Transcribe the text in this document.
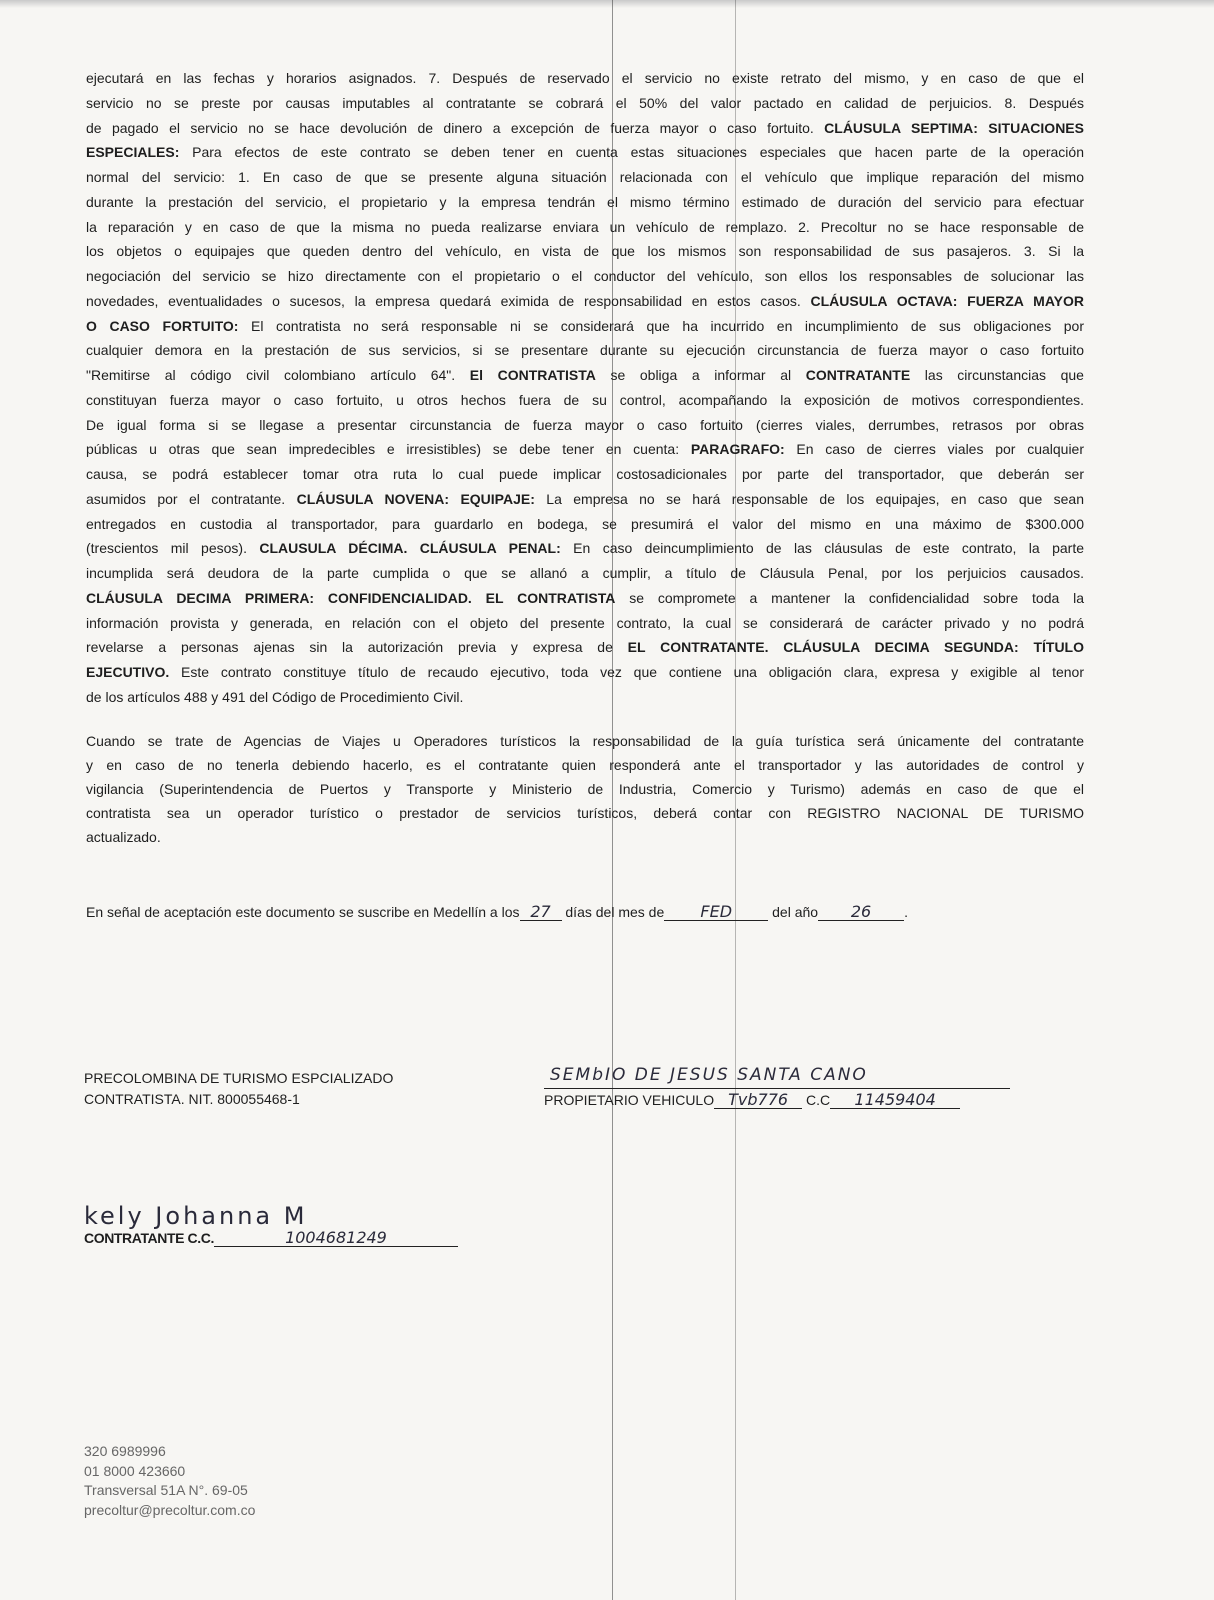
ejecutará en las fechas y horarios asignados. 7. Después de reservado el servicio no existe retrato del mismo, y en caso de que el
servicio no se preste por causas imputables al contratante se cobrará el 50% del valor pactado en calidad de perjuicios. 8. Después
de pagado el servicio no se hace devolución de dinero a excepción de fuerza mayor o caso fortuito. CLÁUSULA SEPTIMA: SITUACIONES
ESPECIALES: Para efectos de este contrato se deben tener en cuenta estas situaciones especiales que hacen parte de la operación
normal del servicio: 1. En caso de que se presente alguna situación relacionada con el vehículo que implique reparación del mismo
durante la prestación del servicio, el propietario y la empresa tendrán el mismo término estimado de duración del servicio para efectuar
la reparación y en caso de que la misma no pueda realizarse enviara un vehículo de remplazo. 2. Precoltur no se hace responsable de
los objetos o equipajes que queden dentro del vehículo, en vista de que los mismos son responsabilidad de sus pasajeros. 3. Si la
negociación del servicio se hizo directamente con el propietario o el conductor del vehículo, son ellos los responsables de solucionar las
novedades, eventualidades o sucesos, la empresa quedará eximida de responsabilidad en estos casos. CLÁUSULA OCTAVA: FUERZA MAYOR
O CASO FORTUITO: El contratista no será responsable ni se considerará que ha incurrido en incumplimiento de sus obligaciones por
cualquier demora en la prestación de sus servicios, si se presentare durante su ejecución circunstancia de fuerza mayor o caso fortuito
"Remitirse al código civil colombiano artículo 64". El CONTRATISTA se obliga a informar al CONTRATANTE las circunstancias que
constituyan fuerza mayor o caso fortuito, u otros hechos fuera de su control, acompañando la exposición de motivos correspondientes.
De igual forma si se llegase a presentar circunstancia de fuerza mayor o caso fortuito (cierres viales, derrumbes, retrasos por obras
públicas u otras que sean impredecibles e irresistibles) se debe tener en cuenta: PARAGRAFO: En caso de cierres viales por cualquier
causa, se podrá establecer tomar otra ruta lo cual puede implicar costosadicionales por parte del transportador, que deberán ser
asumidos por el contratante. CLÁUSULA NOVENA: EQUIPAJE: La empresa no se hará responsable de los equipajes, en caso que sean
entregados en custodia al transportador, para guardarlo en bodega, se presumirá el valor del mismo en una máximo de $300.000
(trescientos mil pesos). CLAUSULA DÉCIMA. CLÁUSULA PENAL: En caso deincumplimiento de las cláusulas de este contrato, la parte
incumplida será deudora de la parte cumplida o que se allanó a cumplir, a título de Cláusula Penal, por los perjuicios causados.
CLÁUSULA DECIMA PRIMERA: CONFIDENCIALIDAD. EL CONTRATISTA se compromete a mantener la confidencialidad sobre toda la
información provista y generada, en relación con el objeto del presente contrato, la cual se considerará de carácter privado y no podrá
revelarse a personas ajenas sin la autorización previa y expresa de EL CONTRATANTE. CLÁUSULA DECIMA SEGUNDA: TÍTULO
EJECUTIVO. Este contrato constituye título de recaudo ejecutivo, toda vez que contiene una obligación clara, expresa y exigible al tenor
de los artículos 488 y 491 del Código de Procedimiento Civil.
Cuando se trate de Agencias de Viajes u Operadores turísticos la responsabilidad de la guía turística será únicamente del contratante
y en caso de no tenerla debiendo hacerlo, es el contratante quien responderá ante el transportador y las autoridades de control y
vigilancia (Superintendencia de Puertos y Transporte y Ministerio de Industria, Comercio y Turismo) además en caso de que el
contratista sea un operador turístico o prestador de servicios turísticos, deberá contar con REGISTRO NACIONAL DE TURISMO
actualizado.
En señal de aceptación este documento se suscribe en Medellín a los 27 días del mes de FED	del año 26 .
PRECOLOMBINA DE TURISMO ESPCIALIZADO
CONTRATISTA. NIT. 800055468-1
SEMbIO DE JESUS SANTA CANO
PROPIETARIO VEHICULO Tvb776 C.C 11459404
kely Johanna M
CONTRATANTE C.C.	1004681249
320 6989996
01 8000 423660
Transversal 51A N°. 69-05
precoltur@precoltur.com.co
